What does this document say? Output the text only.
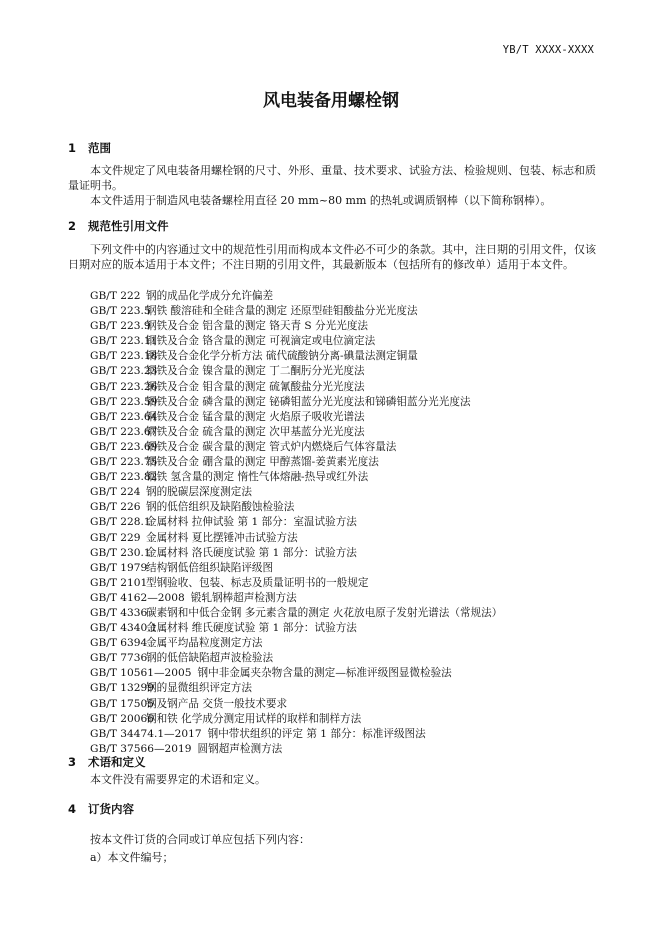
YB/T XXXX-XXXX
风电装备用螺栓钢
1 范围
本文件规定了风电装备用螺栓钢的尺寸、外形、重量、技术要求、试验方法、检验规则、包装、标志和质量证明书。
本文件适用于制造风电装备螺栓用直径 20 mm~80 mm 的热轧或调质钢棒（以下简称钢棒）。
2 规范性引用文件
下列文件中的内容通过文中的规范性引用而构成本文件必不可少的条款。其中，注日期的引用文件，仅该日期对应的版本适用于本文件；不注日期的引用文件，其最新版本（包括所有的修改单）适用于本文件。
GB/T 222 钢的成品化学成分允许偏差
GB/T 223.5钢铁 酸溶硅和全硅含量的测定 还原型硅钼酸盐分光光度法
GB/T 223.9钢铁及合金 铝含量的测定 铬天青 S 分光光度法
GB/T 223.11钢铁及合金 铬含量的测定 可视滴定或电位滴定法
GB/T 223.18钢铁及合金化学分析方法 硫代硫酸钠分离-碘量法测定铜量
GB/T 223.23钢铁及合金 镍含量的测定 丁二酮肟分光光度法
GB/T 223.26钢铁及合金 钼含量的测定 硫氰酸盐分光光度法
GB/T 223.59钢铁及合金 磷含量的测定 铋磷钼蓝分光光度法和锑磷钼蓝分光光度法
GB/T 223.64钢铁及合金 锰含量的测定 火焰原子吸收光谱法
GB/T 223.67钢铁及合金 硫含量的测定 次甲基蓝分光光度法
GB/T 223.69钢铁及合金 碳含量的测定 管式炉内燃烧后气体容量法
GB/T 223.75钢铁及合金 硼含量的测定 甲醇蒸馏-姜黄素光度法
GB/T 223.82钢铁 氢含量的测定 惰性气体熔融-热导或红外法
GB/T 224 钢的脱碳层深度测定法
GB/T 226 钢的低倍组织及缺陷酸蚀检验法
GB/T 228.1金属材料 拉伸试验 第 1 部分：室温试验方法
GB/T 229 金属材料 夏比摆锤冲击试验方法
GB/T 230.1金属材料 洛氏硬度试验 第 1 部分：试验方法
GB/T 1979结构钢低倍组织缺陷评级图
GB/T 2101型钢验收、包装、标志及质量证明书的一般规定
GB/T 4162—2008 锻轧钢棒超声检测方法
GB/T 4336碳素钢和中低合金钢 多元素含量的测定 火花放电原子发射光谱法（常规法）
GB/T 4340.1金属材料 维氏硬度试验 第 1 部分：试验方法
GB/T 6394金属平均晶粒度测定方法
GB/T 7736钢的低倍缺陷超声波检验法
GB/T 10561—2005 钢中非金属夹杂物含量的测定—标准评级图显微检验法
GB/T 13299钢的显微组织评定方法
GB/T 17505钢及钢产品 交货一般技术要求
GB/T 20066钢和铁 化学成分测定用试样的取样和制样方法
GB/T 34474.1—2017 钢中带状组织的评定 第 1 部分：标准评级图法
GB/T 37566—2019 圆钢超声检测方法
3 术语和定义
本文件没有需要界定的术语和定义。
4 订货内容
按本文件订货的合同或订单应包括下列内容：
a）本文件编号；
